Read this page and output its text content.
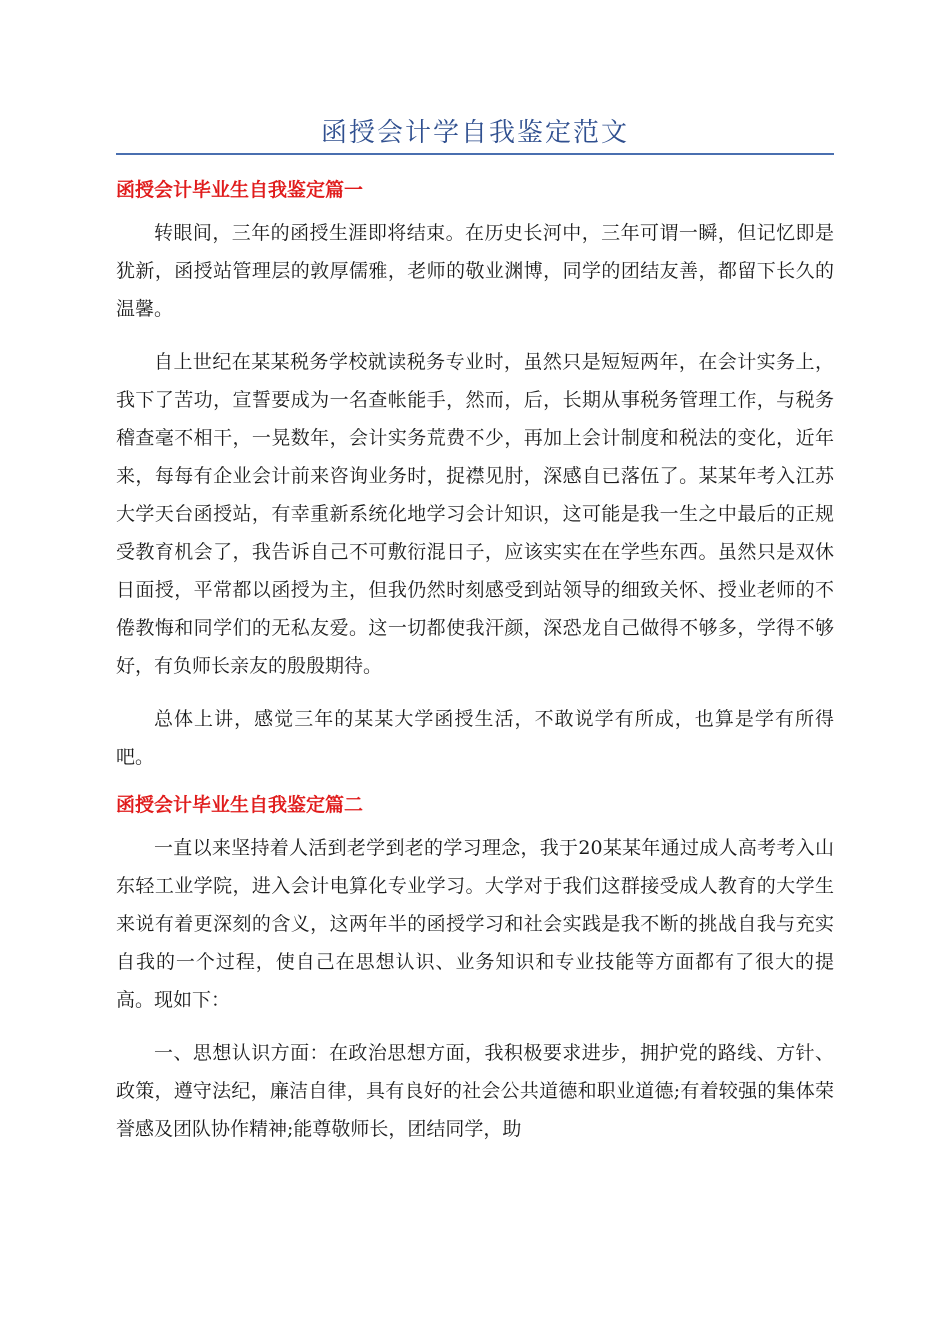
函授会计学自我鉴定范文
函授会计毕业生自我鉴定篇一

转眼间，三年的函授生涯即将结束。在历史长河中，三年可谓一瞬，但记忆即是犹新，函授站管理层的敦厚儒雅，老师的敬业渊博，同学的团结友善，都留下长久的温馨。

自上世纪在某某税务学校就读税务专业时，虽然只是短短两年，在会计实务上，我下了苦功，宣誓要成为一名查帐能手，然而，后，长期从事税务管理工作，与税务稽查毫不相干，一晃数年，会计实务荒费不少，再加上会计制度和税法的变化，近年来，每每有企业会计前来咨询业务时，捉襟见肘，深感自已落伍了。某某年考入江苏大学天台函授站，有幸重新系统化地学习会计知识，这可能是我一生之中最后的正规受教育机会了，我告诉自己不可敷衍混日子，应该实实在在学些东西。虽然只是双休日面授，平常都以函授为主，但我仍然时刻感受到站领导的细致关怀、授业老师的不倦教悔和同学们的无私友爱。这一切都使我汗颜，深恐龙自己做得不够多，学得不够好，有负师长亲友的殷殷期待。

总体上讲，感觉三年的某某大学函授生活，不敢说学有所成，也算是学有所得吧。

函授会计毕业生自我鉴定篇二

一直以来坚持着人活到老学到老的学习理念，我于20某某年通过成人高考考入山东轻工业学院，进入会计电算化专业学习。大学对于我们这群接受成人教育的大学生来说有着更深刻的含义，这两年半的函授学习和社会实践是我不断的挑战自我与充实自我的一个过程，使自己在思想认识、业务知识和专业技能等方面都有了很大的提高。现如下：

一、思想认识方面：在政治思想方面，我积极要求进步，拥护党的路线、方针、政策，遵守法纪，廉洁自律，具有良好的社会公共道德和职业道德;有着较强的集体荣誉感及团队协作精神;能尊敬师长，团结同学，助
